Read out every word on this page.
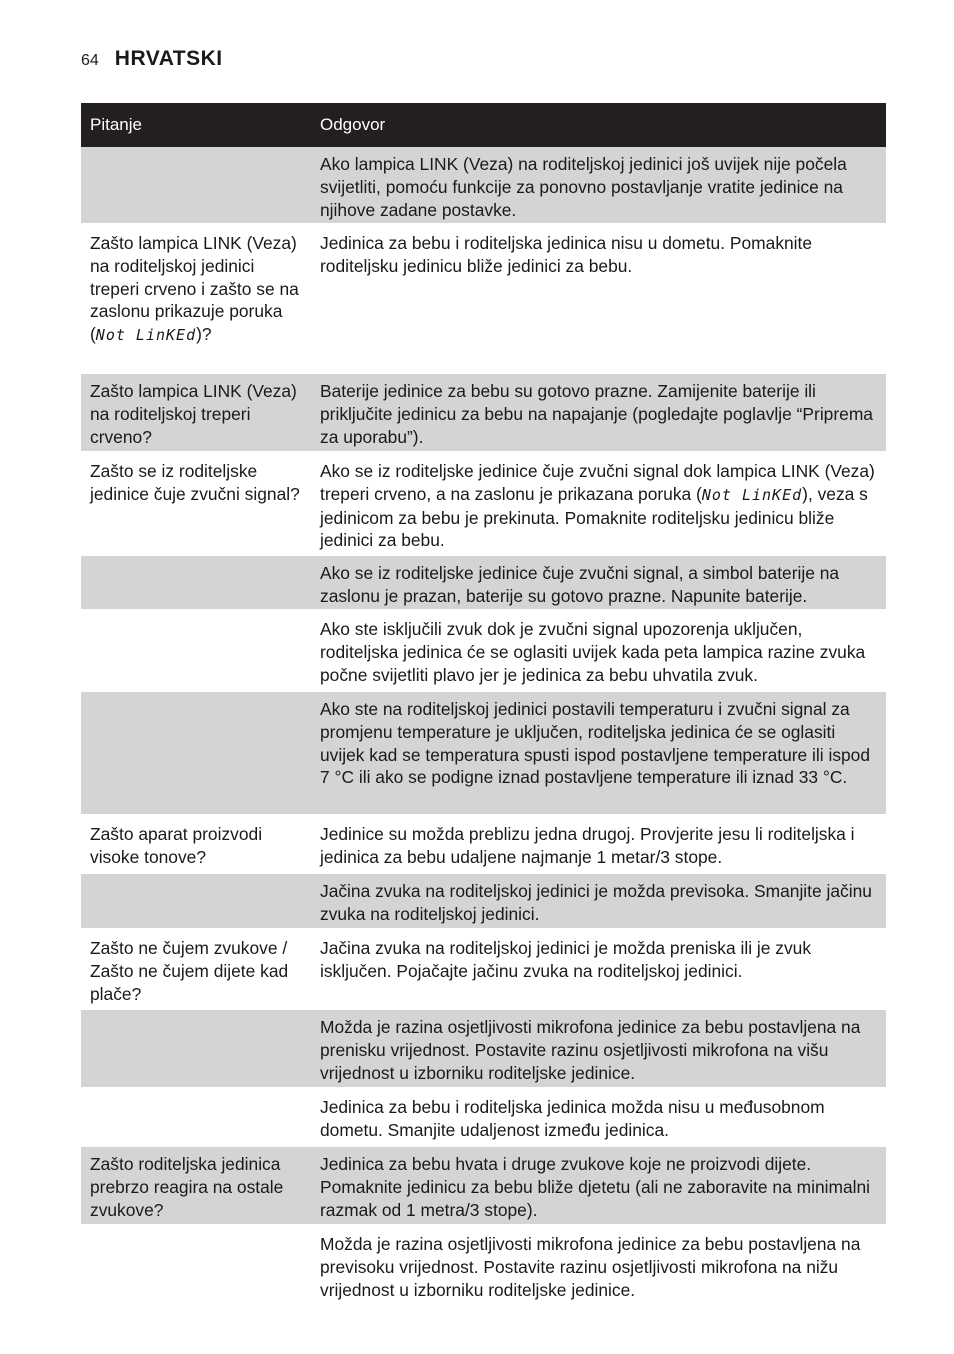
64 HRVATSKI
Pitanje	Odgovor
Ako lampica LINK (Veza) na roditeljskoj jedinici još uvijek nije počela svijetliti, pomoću funkcije za ponovno postavljanje vratite jedinice na njihove zadane postavke.
Zašto lampica LINK (Veza) na roditeljskoj jedinici treperi crveno i zašto se na zaslonu prikazuje poruka (Not LinKEd)?
Jedinica za bebu i roditeljska jedinica nisu u dometu. Pomaknite roditeljsku jedinicu bliže jedinici za bebu.
Zašto lampica LINK (Veza) na roditeljskoj treperi crveno?
Baterije jedinice za bebu su gotovo prazne. Zamijenite baterije ili priključite jedinicu za bebu na napajanje (pogledajte poglavlje “Priprema za uporabu”).
Zašto se iz roditeljske jedinice čuje zvučni signal?
Ako se iz roditeljske jedinice čuje zvučni signal dok lampica LINK (Veza) treperi crveno, a na zaslonu je prikazana poruka (Not LinKEd), veza s jedinicom za bebu je prekinuta. Pomaknite roditeljsku jedinicu bliže jedinici za bebu.
Ako se iz roditeljske jedinice čuje zvučni signal, a simbol baterije na zaslonu je prazan, baterije su gotovo prazne. Napunite baterije.
Ako ste isključili zvuk dok je zvučni signal upozorenja uključen, roditeljska jedinica će se oglasiti uvijek kada peta lampica razine zvuka počne svijetliti plavo jer je jedinica za bebu uhvatila zvuk.
Ako ste na roditeljskoj jedinici postavili temperaturu i zvučni signal za promjenu temperature je uključen, roditeljska jedinica će se oglasiti uvijek kad se temperatura spusti ispod postavljene temperature ili ispod 7 °C ili ako se podigne iznad postavljene temperature ili iznad 33 °C.
Zašto aparat proizvodi visoke tonove?
Jedinice su možda preblizu jedna drugoj. Provjerite jesu li roditeljska i jedinica za bebu udaljene najmanje 1 metar/3 stope.
Jačina zvuka na roditeljskoj jedinici je možda previsoka. Smanjite jačinu zvuka na roditeljskoj jedinici.
Zašto ne čujem zvukove / Zašto ne čujem dijete kad plače?
Jačina zvuka na roditeljskoj jedinici je možda preniska ili je zvuk isključen. Pojačajte jačinu zvuka na roditeljskoj jedinici.
Možda je razina osjetljivosti mikrofona jedinice za bebu postavljena na prenisku vrijednost. Postavite razinu osjetljivosti mikrofona na višu vrijednost u izborniku roditeljske jedinice.
Jedinica za bebu i roditeljska jedinica možda nisu u međusobnom dometu. Smanjite udaljenost između jedinica.
Zašto roditeljska jedinica prebrzo reagira na ostale zvukove?
Jedinica za bebu hvata i druge zvukove koje ne proizvodi dijete. Pomaknite jedinicu za bebu bliže djetetu (ali ne zaboravite na minimalni razmak od 1 metra/3 stope).
Možda je razina osjetljivosti mikrofona jedinice za bebu postavljena na previsoku vrijednost. Postavite razinu osjetljivosti mikrofona na nižu vrijednost u izborniku roditeljske jedinice.
